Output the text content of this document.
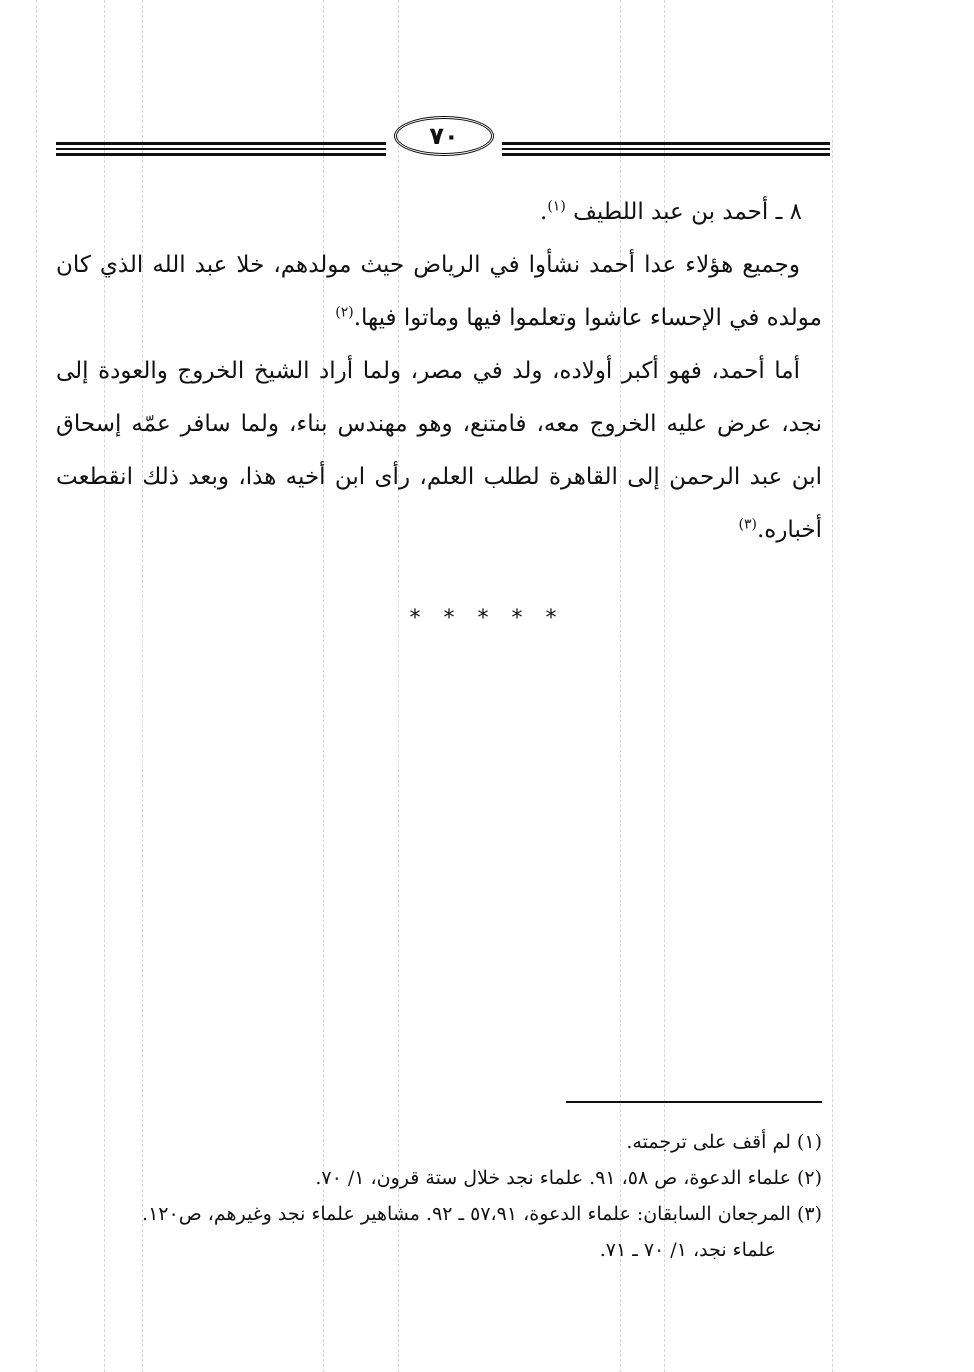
٧٠

٨ ـ أحمد بن عبد اللطيف $^{(١)}$.

وجميع هؤلاء عدا أحمد نشأوا في الرياض حيث مولدهم، خلا عبد الله الذي كان مولده في الإحساء عاشوا وتعلموا فيها وماتوا فيها.$^{(٢)}$

أما أحمد، فهو أكبر أولاده، ولد في مصر، ولما أراد الشيخ الخروج والعودة إلى نجد، عرض عليه الخروج معه، فامتنع، وهو مهندس بناء، ولما سافر عمّه إسحاق ابن عبد الرحمن إلى القاهرة لطلب العلم، رأى ابن أخيه هذا، وبعد ذلك انقطعت أخباره.$^{(٣)}$

* * * * *

(١) لم أقف على ترجمته.

(٢) علماء الدعوة، ص ٥٨، ٩١. علماء نجد خلال ستة قرون، ١/ ٧٠.

(٣) المرجعان السابقان: علماء الدعوة، ٥٧،٩١ ـ ٩٢. مشاهير علماء نجد وغيرهم، ص١٢٠.

علماء نجد، ١/ ٧٠ ـ ٧١.
